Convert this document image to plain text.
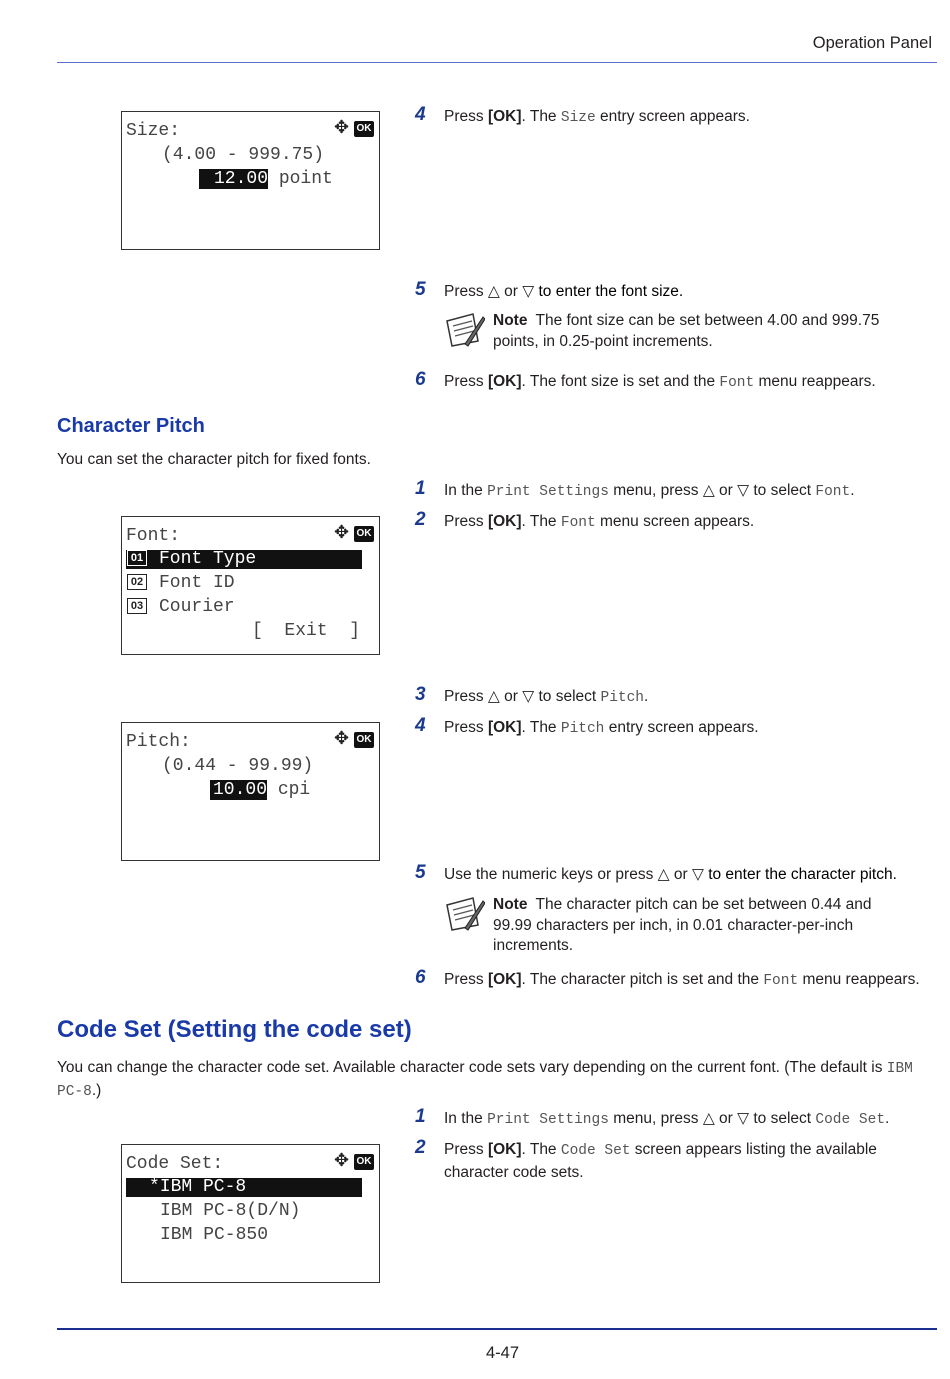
Operation Panel
Size:	✥ OK
(4.00 - 999.75)
12.00 point
4 Press [OK]. The Size entry screen appears.
5 Press △ or ▽ to enter the font size.
Note The font size can be set between 4.00 and 999.75 points, in 0.25-point increments.
6 Press [OK]. The font size is set and the Font menu reappears.
Character Pitch
You can set the character pitch for fixed fonts.
1 In the Print Settings menu, press △ or ▽ to select Font.
2 Press [OK]. The Font menu screen appears.
Font:	✥ OK
01 Font Type
02 Font ID
03 Courier
[  Exit  ]
3 Press △ or ▽ to select Pitch.
4 Press [OK]. The Pitch entry screen appears.
Pitch:	✥ OK
(0.44 - 99.99)
10.00 cpi
5 Use the numeric keys or press △ or ▽ to enter the character pitch.
Note The character pitch can be set between 0.44 and 99.99 characters per inch, in 0.01 character-per-inch increments.
6 Press [OK]. The character pitch is set and the Font menu reappears.
Code Set (Setting the code set)
You can change the character code set. Available character code sets vary depending on the current font. (The default is IBM PC-8.)
1 In the Print Settings menu, press △ or ▽ to select Code Set.
2 Press [OK]. The Code Set screen appears listing the available character code sets.
Code Set:	✥ OK
*IBM PC-8
IBM PC-8(D/N)
IBM PC-850
4-47
